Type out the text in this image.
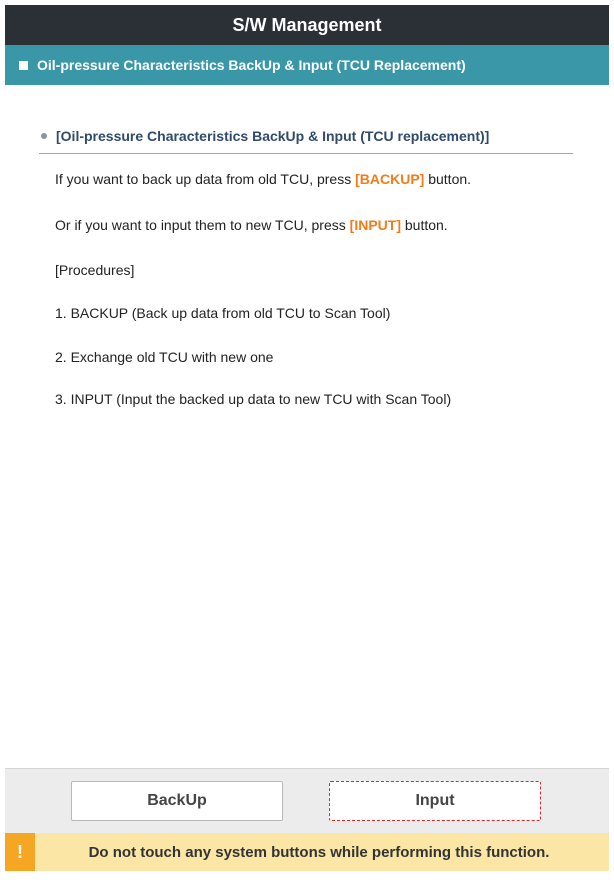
S/W Management
Oil-pressure Characteristics BackUp & Input (TCU Replacement)
[Oil-pressure Characteristics BackUp & Input (TCU replacement)]
If you want to back up data from old TCU, press [BACKUP] button.
Or if you want to input them to new TCU, press [INPUT] button.
[Procedures]
1. BACKUP (Back up data from old TCU to Scan Tool)
2. Exchange old TCU with new one
3. INPUT (Input the backed up data to new TCU with Scan Tool)
BackUp	Input
!	Do not touch any system buttons while performing this function.
